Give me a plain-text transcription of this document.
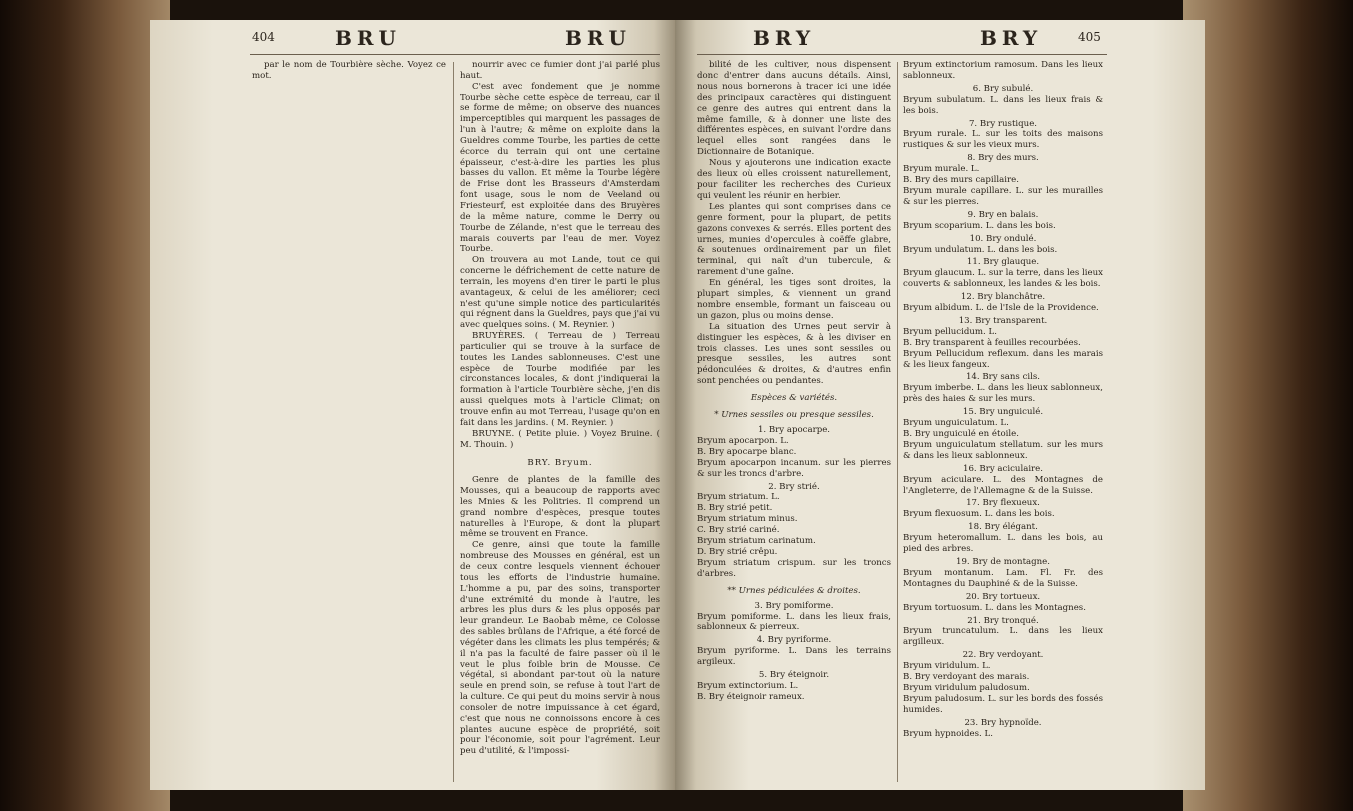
404	BRU	BRU

par le nom de Tourbière sèche. Voyez ce mot.

nourrir avec ce fumier dont j'ai parlé plus haut.

C'est avec fondement que je nomme Tourbe sèche cette espèce de terreau, car il se forme de même; on observe des nuances imperceptibles qui marquent les passages de l'un à l'autre; & même on exploite dans la Gueldres comme Tourbe, les parties de cette écorce du terrain qui ont une certaine épaisseur, c'est-à-dire les parties les plus basses du vallon. Et même la Tourbe légère de Frise dont les Brasseurs d'Amsterdam font usage, sous le nom de Veeland ou Friesteurf, est exploitée dans des Bruyères de la même nature, comme le Derry ou Tourbe de Zélande, n'est que le terreau des marais couverts par l'eau de mer. Voyez Tourbe.

On trouvera au mot Lande, tout ce qui concerne le défrichement de cette nature de terrain, les moyens d'en tirer le parti le plus avantageux, & celui de les améliorer; ceci n'est qu'une simple notice des particularités qui régnent dans la Gueldres, pays que j'ai vu avec quelques soins. ( M. Reynier. )

BRUYÈRES. ( Terreau de ) Terreau particulier qui se trouve à la surface de toutes les Landes sablonneuses. C'est une espèce de Tourbe modifiée par les circonstances locales, & dont j'indiquerai la formation à l'article Tourbière sèche, j'en dis aussi quelques mots à l'article Climat; on trouve enfin au mot Terreau, l'usage qu'on en fait dans les jardins. ( M. Reynier. )

BRUYNE. ( Petite pluie. ) Voyez Bruine. ( M. Thouin. )

BRY. Bryum.

Genre de plantes de la famille des Mousses, qui a beaucoup de rapports avec les Mnies & les Politries. Il comprend un grand nombre d'espèces, presque toutes naturelles à l'Europe, & dont la plupart même se trouvent en France.

Ce genre, ainsi que toute la famille nombreuse des Mousses en général, est un de ceux contre lesquels viennent échouer tous les efforts de l'industrie humaine. L'homme a pu, par des soins, transporter d'une extrémité du monde à l'autre, les arbres les plus durs & les plus opposés par leur grandeur. Le Baobab même, ce Colosse des sables brûlans de l'Afrique, a été forcé de végéter dans les climats les plus tempérés; & il n'a pas la faculté de faire passer où il le veut le plus foible brin de Mousse. Ce végétal, si abondant par-tout où la nature seule en prend soin, se refuse à tout l'art de la culture. Ce qui peut du moins servir à nous consoler de notre impuissance à cet égard, c'est que nous ne connoissons encore à ces plantes aucune espèce de propriété, soit pour l'économie, soit pour l'agrément. Leur peu d'utilité, & l'impossi-

BRY	BRY	405

bilité de les cultiver, nous dispensent donc d'entrer dans aucuns détails. Ainsi, nous nous bornerons à tracer ici une idée des principaux caractères qui distinguent ce genre des autres qui entrent dans la même famille, & à donner une liste des différentes espèces, en suivant l'ordre dans lequel elles sont rangées dans le Dictionnaire de Botanique.

Nous y ajouterons une indication exacte des lieux où elles croissent naturellement, pour faciliter les recherches des Curieux qui veulent les réunir en herbier.

Les plantes qui sont comprises dans ce genre forment, pour la plupart, de petits gazons convexes & serrés. Elles portent des urnes, munies d'opercules à coëffe glabre, & soutenues ordinairement par un filet terminal, qui naît d'un tubercule, & rarement d'une gaîne.

En général, les tiges sont droites, la plupart simples, & viennent un grand nombre ensemble, formant un faisceau ou un gazon, plus ou moins dense.

La situation des Urnes peut servir à distinguer les espèces, & à les diviser en trois classes. Les unes sont sessiles ou presque sessiles, les autres sont pédonculées & droites, & d'autres enfin sont penchées ou pendantes.

Espèces & variétés.
* Urnes sessiles ou presque sessiles.
1. Bry apocarpe.
Bryum apocarpon. L.
B. Bry apocarpe blanc.
Bryum apocarpon incanum. sur les pierres & sur les troncs d'arbre.
2. Bry strié.
Bryum striatum. L.
B. Bry strié petit.
Bryum striatum minus.
C. Bry strié cariné.
Bryum striatum carinatum.
D. Bry strié crêpu.
Bryum striatum crispum. sur les troncs d'arbres.
** Urnes pédiculées & droites.
3. Bry pomiforme.
Bryum pomiforme. L. dans les lieux frais, sablonneux & pierreux.
4. Bry pyriforme.
Bryum pyriforme. L. Dans les terrains argileux.
5. Bry éteignoir.
Bryum extinctorium. L.
B. Bry éteignoir rameux.
Bryum extinctorium ramosum. Dans les lieux sablonneux.
6. Bry subulé.
Bryum subulatum. L. dans les lieux frais & les bois.
7. Bry rustique.
Bryum rurale. L. sur les toits des maisons rustiques & sur les vieux murs.
8. Bry des murs.
Bryum murale. L.
B. Bry des murs capillaire.
Bryum murale capillare. L. sur les murailles & sur les pierres.
9. Bry en balais.
Bryum scoparium. L. dans les bois.
10. Bry ondulé.
Bryum undulatum. L. dans les bois.
11. Bry glauque.
Bryum glaucum. L. sur la terre, dans les lieux couverts & sablonneux, les landes & les bois.
12. Bry blanchâtre.
Bryum albidum. L. de l'Isle de la Providence.
13. Bry transparent.
Bryum pellucidum. L.
B. Bry transparent à feuilles recourbées.
Bryum Pellucidum reflexum. dans les marais & les lieux fangeux.
14. Bry sans cils.
Bryum imberbe. L. dans les lieux sablonneux, près des haies & sur les murs.
15. Bry unguiculé.
Bryum unguiculatum. L.
B. Bry unguiculé en étoile.
Bryum unguiculatum stellatum. sur les murs & dans les lieux sablonneux.
16. Bry aciculaire.
Bryum aciculare. L. des Montagnes de l'Angleterre, de l'Allemagne & de la Suisse.
17. Bry flexueux.
Bryum flexuosum. L. dans les bois.
18. Bry élégant.
Bryum heteromallum. L. dans les bois, au pied des arbres.
19. Bry de montagne.
Bryum montanum. Lam. Fl. Fr. des Montagnes du Dauphiné & de la Suisse.
20. Bry tortueux.
Bryum tortuosum. L. dans les Montagnes.
21. Bry tronqué.
Bryum truncatulum. L. dans les lieux argilleux.
22. Bry verdoyant.
Bryum viridulum. L.
B. Bry verdoyant des marais.
Bryum viridulum paludosum.
Bryum paludosum. L. sur les bords des fossés humides.
23. Bry hypnoïde.
Bryum hypnoides. L.
